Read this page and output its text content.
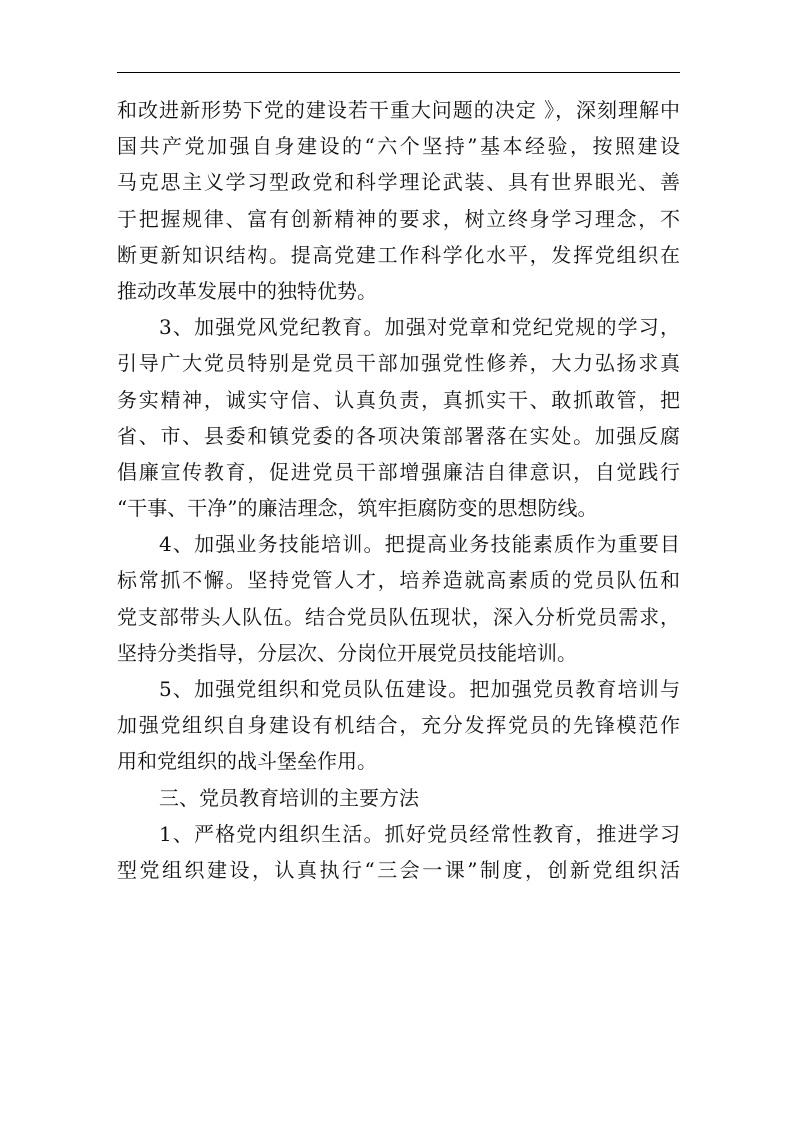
和改进新形势下党的建设若干重大问题的决定 》，深刻理解中
国共产党加强自身建设的“六个坚持”基本经验，按照建设
马克思主义学习型政党和科学理论武装、具有世界眼光、善
于把握规律、富有创新精神的要求，树立终身学习理念，不
断更新知识结构。提高党建工作科学化水平，发挥党组织在
推动改革发展中的独特优势。
3、加强党风党纪教育。加强对党章和党纪党规的学习，
引导广大党员特别是党员干部加强党性修养，大力弘扬求真
务实精神，诚实守信、认真负责，真抓实干、敢抓敢管，把
省、市、县委和镇党委的各项决策部署落在实处。加强反腐
倡廉宣传教育，促进党员干部增强廉洁自律意识，自觉践行
“干事、干净”的廉洁理念，筑牢拒腐防变的思想防线。
4、加强业务技能培训。把提高业务技能素质作为重要目
标常抓不懈。坚持党管人才，培养造就高素质的党员队伍和
党支部带头人队伍。结合党员队伍现状，深入分析党员需求，
坚持分类指导，分层次、分岗位开展党员技能培训。
5、加强党组织和党员队伍建设。把加强党员教育培训与
加强党组织自身建设有机结合，充分发挥党员的先锋模范作
用和党组织的战斗堡垒作用。
三、党员教育培训的主要方法
1、严格党内组织生活。抓好党员经常性教育，推进学习
型党组织建设，认真执行“三会一课”制度，创新党组织活
